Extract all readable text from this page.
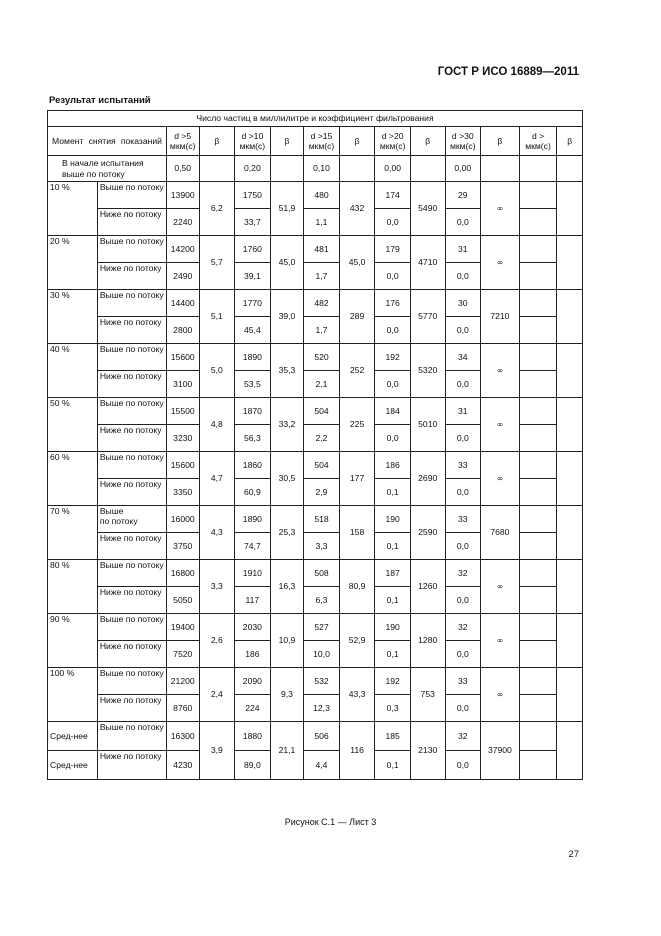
ГОСТ Р ИСО 16889—2011
Результат испытаний
Число частиц в миллилитре и коэффициент фильтрования													
Момент снятия показаний		d >5 мкм(с)	β	d >10 мкм(с)	β	d >15 мкм(с)	β	d >20 мкм(с)	β	d >30 мкм(с)	β	d > мкм(с)	β
В начале испытания выше по потоку		0,50		0,20		0,10		0,00		0,00			
10 %	Выше по потоку	13900	6,2	1750	51,9	480	432	174	5490	29	∞		
	Ниже по потоку	2240		33,7		1,1		0,0		0,0			
20 %	Выше по потоку	14200	5,7	1760	45,0	481	45,0	179	4710	31	∞		
	Ниже по потоку	2490		39,1		1,7		0,0		0,0			
30 %	Выше по потоку	14400	5,1	1770	39,0	482	289	176	5770	30	7210		
	Ниже по потоку	2800		45,4		1,7		0,0		0,0			
40 %	Выше по потоку	15600	5,0	1890	35,3	520	252	192	5320	34	∞		
	Ниже по потоку	3100		53,5		2,1		0,0		0,0			
50 %	Выше по потоку	15500	4,8	1870	33,2	504	225	184	5010	31	∞		
	Ниже по потоку	3230		56,3		2,2		0,0		0,0			
60 %	Выше по потоку	15600	4,7	1860	30,5	504	177	186	2690	33	∞		
	Ниже по потоку	3350		60,9		2,9		0,1		0,0			
70 %	Выше
по потоку	16000	4,3	1890	25,3	518	158	190	2590	33	7680		
	Ниже по потоку	3750		74,7		3,3		0,1		0,0			
80 %	Выше по потоку	16800	3,3	1910	16,3	508	80,9	187	1260	32	∞		
	Ниже по потоку	5050		117		6,3		0,1		0,0			
90 %	Выше по потоку	19400	2,6	2030	10,9	527	52,9	190	1280	32	∞		
	Ниже по потоку	7520		186		10,0		0,1		0,0			
100 %	Выше по потоку	21200	2,4	2090	9,3	532	43,3	192	753	33	∞		
	Ниже по потоку	8760		224		12,3		0,3		0,0			
Сред-нее	Выше по потоку	16300	3,9	1880	21,1	506	116	185	2130	32	37900		
Сред-нее	Ниже по потоку	4230		89,0		4,4		0,1		0,0			
Рисунок С.1 — Лист 3
27
